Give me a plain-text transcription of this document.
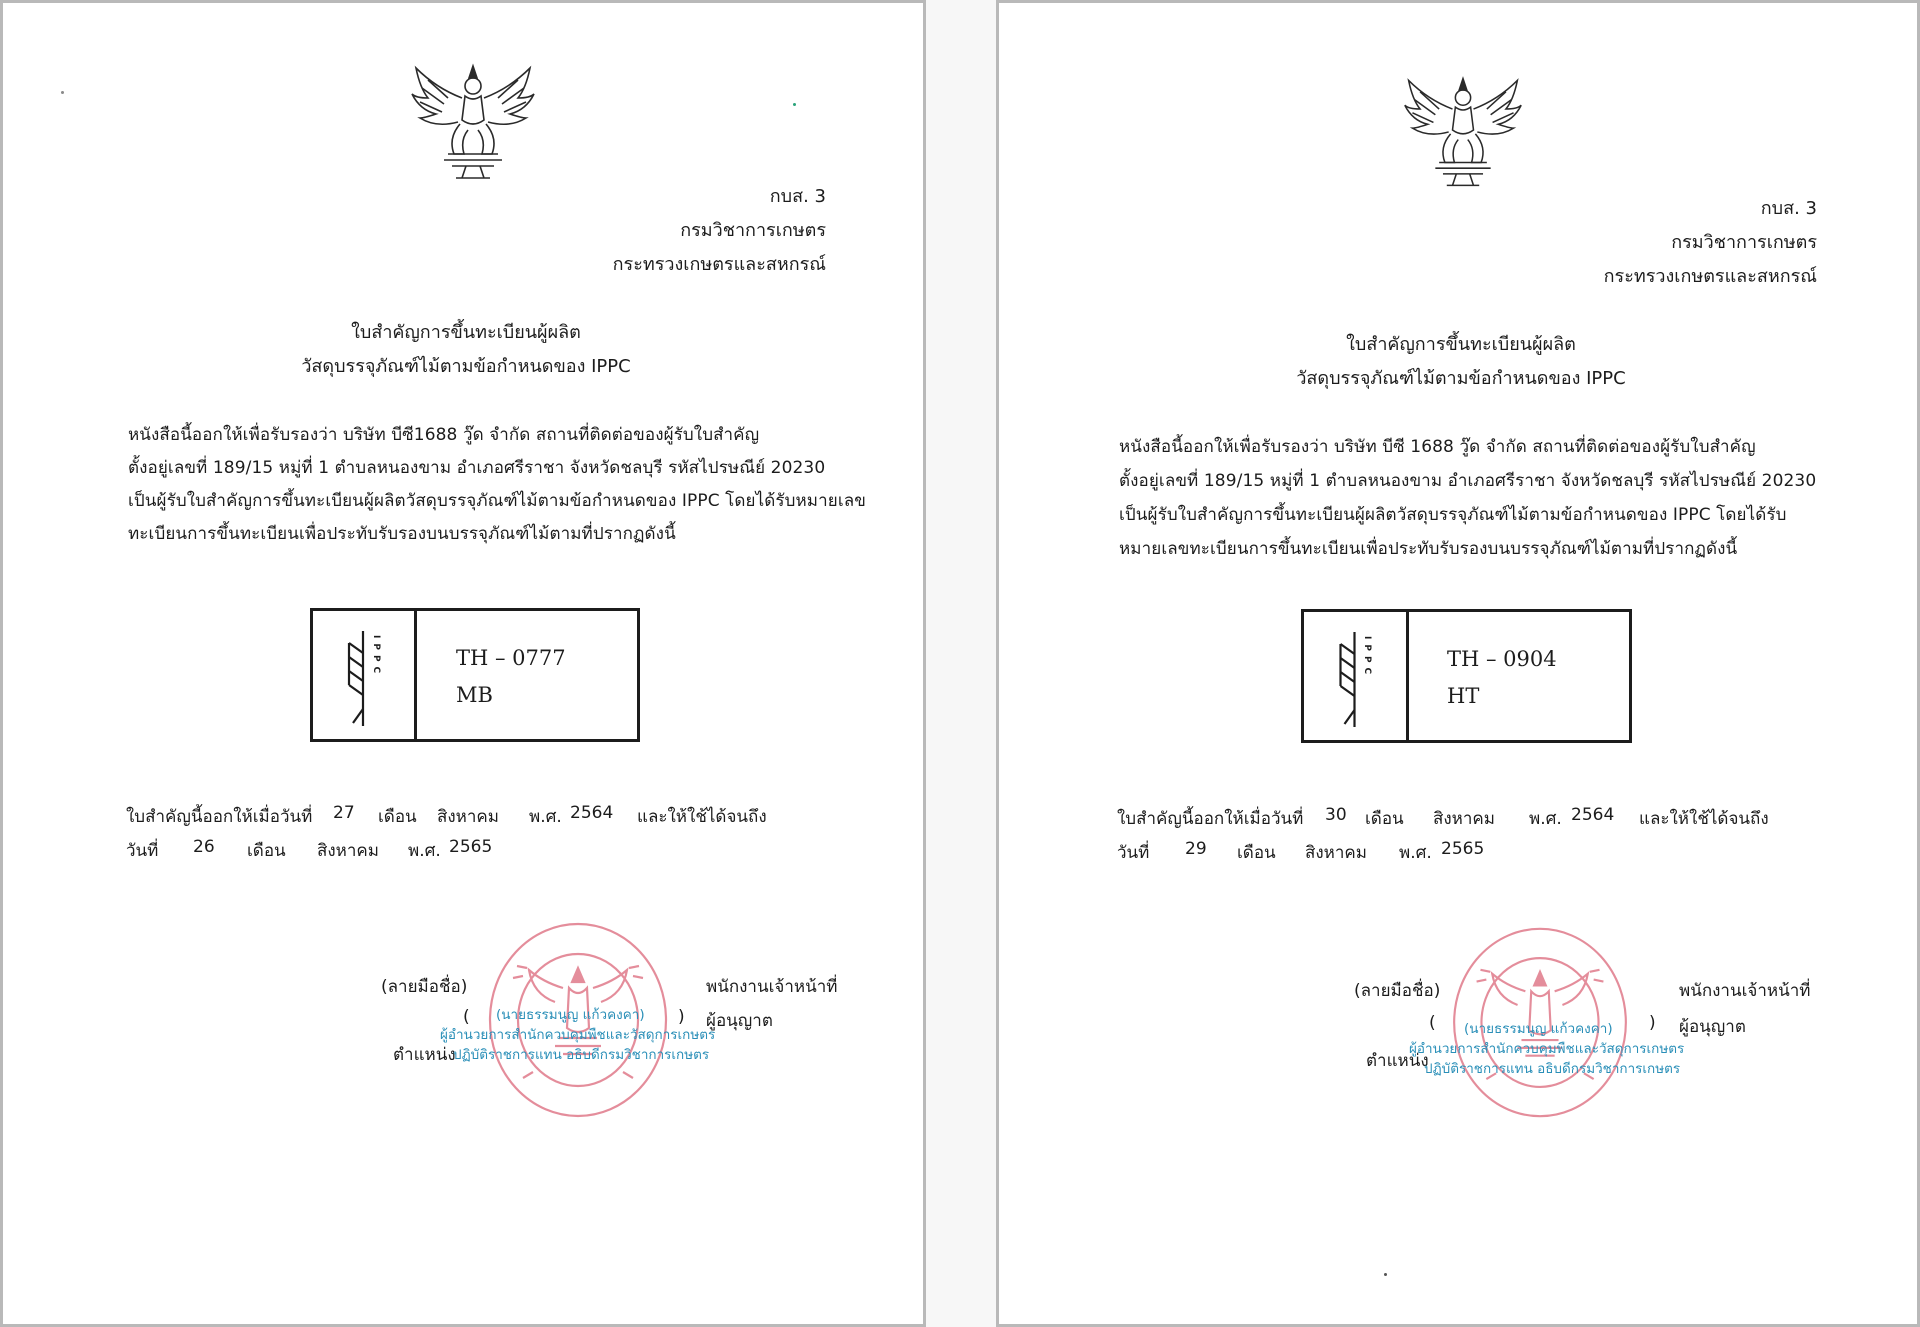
กบส. 3
กรมวิชาการเกษตร
กระทรวงเกษตรและสหกรณ์
ใบสำคัญการขึ้นทะเบียนผู้ผลิต
วัสดุบรรจุภัณฑ์ไม้ตามข้อกำหนดของ IPPC
หนังสือนี้ออกให้เพื่อรับรองว่า บริษัท บีซี1688 วู๊ด จำกัด สถานที่ติดต่อของผู้รับใบสำคัญ
ตั้งอยู่เลขที่ 189/15 หมู่ที่ 1 ตำบลหนองขาม อำเภอศรีราชา จังหวัดชลบุรี รหัสไปรษณีย์ 20230
เป็นผู้รับใบสำคัญการขึ้นทะเบียนผู้ผลิตวัสดุบรรจุภัณฑ์ไม้ตามข้อกำหนดของ IPPC โดยได้รับหมายเลข
ทะเบียนการขึ้นทะเบียนเพื่อประทับรับรองบนบรรจุภัณฑ์ไม้ตามที่ปรากฏดังนี้
IPPC	TH – 0777
MB
ใบสำคัญนี้ออกให้เมื่อวันที่ 27 เดือน สิงหาคม พ.ศ. 2564 และให้ใช้ได้จนถึง
วันที่ 26 เดือน สิงหาคม พ.ศ. 2565
(ลายมือชื่อ)	พนักงานเจ้าหน้าที่
(	) ผู้อนุญาต
ตำแหน่ง
(นายธรรมนูญ แก้วคงคา)
ผู้อำนวยการสำนักควบคุมพืชและวัสดุการเกษตร
ปฏิบัติราชการแทน อธิบดีกรมวิชาการเกษตร
กบส. 3
กรมวิชาการเกษตร
กระทรวงเกษตรและสหกรณ์
ใบสำคัญการขึ้นทะเบียนผู้ผลิต
วัสดุบรรจุภัณฑ์ไม้ตามข้อกำหนดของ IPPC
หนังสือนี้ออกให้เพื่อรับรองว่า บริษัท บีซี 1688 วู๊ด จำกัด สถานที่ติดต่อของผู้รับใบสำคัญ
ตั้งอยู่เลขที่ 189/15 หมู่ที่ 1 ตำบลหนองขาม อำเภอศรีราชา จังหวัดชลบุรี รหัสไปรษณีย์ 20230
เป็นผู้รับใบสำคัญการขึ้นทะเบียนผู้ผลิตวัสดุบรรจุภัณฑ์ไม้ตามข้อกำหนดของ IPPC โดยได้รับ
หมายเลขทะเบียนการขึ้นทะเบียนเพื่อประทับรับรองบนบรรจุภัณฑ์ไม้ตามที่ปรากฏดังนี้
IPPC	TH – 0904
HT
ใบสำคัญนี้ออกให้เมื่อวันที่ 30 เดือน สิงหาคม พ.ศ. 2564 และให้ใช้ได้จนถึง
วันที่ 29 เดือน สิงหาคม พ.ศ. 2565
(ลายมือชื่อ)	พนักงานเจ้าหน้าที่
(	) ผู้อนุญาต
ตำแหน่ง
(นายธรรมนูญ แก้วคงคา)
ผู้อำนวยการสำนักควบคุมพืชและวัสดุการเกษตร
ปฏิบัติราชการแทน อธิบดีกรมวิชาการเกษตร
